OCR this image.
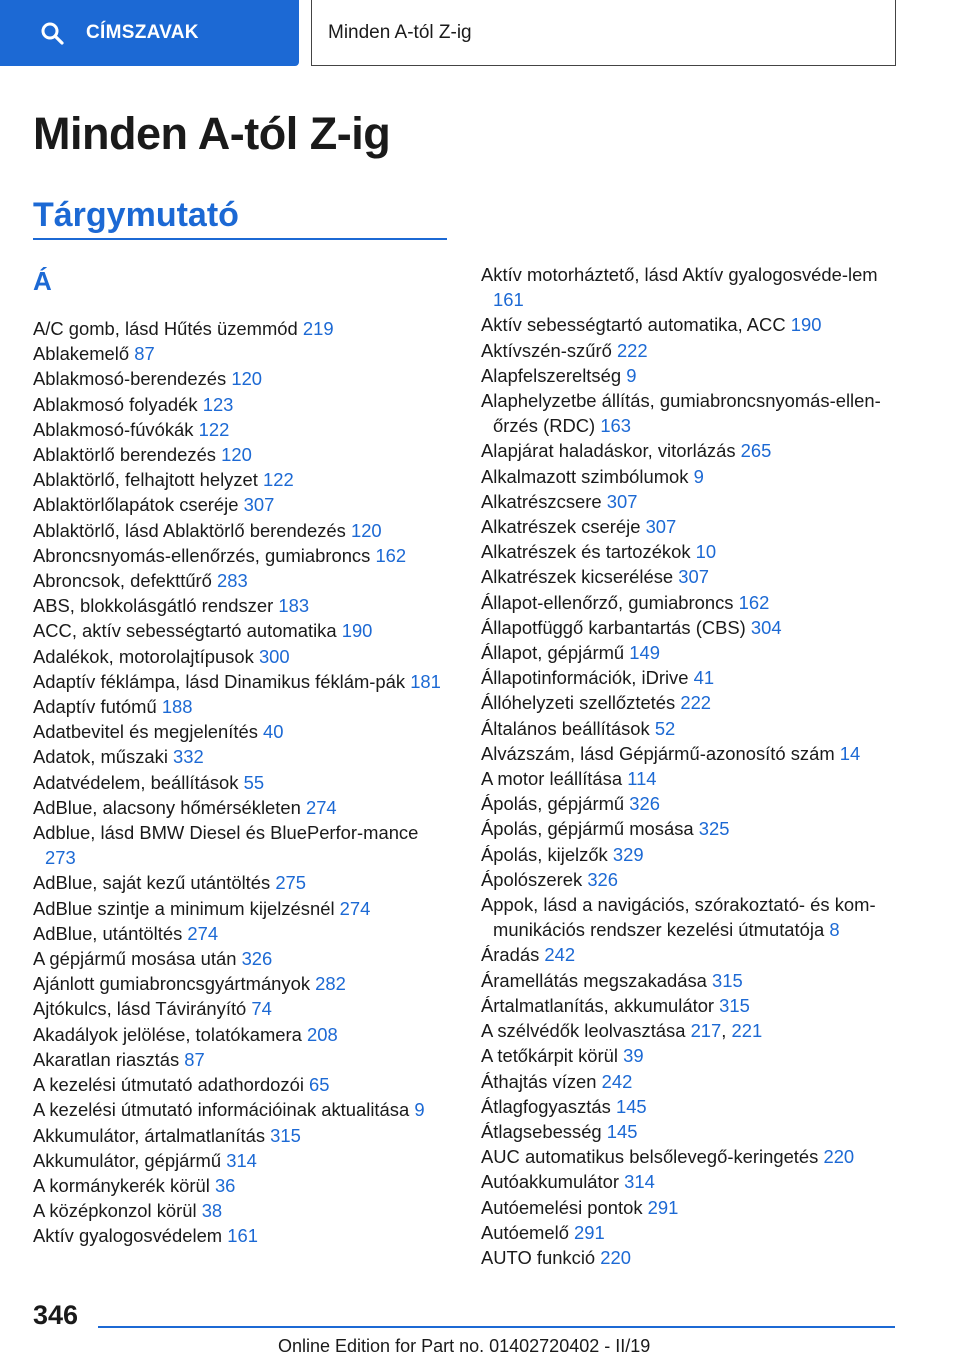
CÍMSZAVAK	Minden A-tól Z-ig
Minden A-tól Z-ig
Tárgymutató
Á
A/C gomb, lásd Hűtés üzemmód 219
Ablakemelő 87
Ablakmosó-berendezés 120
Ablakmosó folyadék 123
Ablakmosó-fúvókák 122
Ablaktörlő berendezés 120
Ablaktörlő, felhajtott helyzet 122
Ablaktörlőlapátok cseréje 307
Ablaktörlő, lásd Ablaktörlő berendezés 120
Abroncsnyomás-ellenőrzés, gumiabroncs 162
Abroncsok, defekttűrő 283
ABS, blokkolásgátló rendszer 183
ACC, aktív sebességtartó automatika 190
Adalékok, motorolajtípusok 300
Adaptív féklámpa, lásd Dinamikus féklám‐pák 181
Adaptív futómű 188
Adatbevitel és megjelenítés 40
Adatok, műszaki 332
Adatvédelem, beállítások 55
AdBlue, alacsony hőmérsékleten 274
Adblue, lásd BMW Diesel és BluePerfor‐mance 273
AdBlue, saját kezű utántöltés 275
AdBlue szintje a minimum kijelzésnél 274
AdBlue, utántöltés 274
A gépjármű mosása után 326
Ajánlott gumiabroncsgyártmányok 282
Ajtókulcs, lásd Távirányító 74
Akadályok jelölése, tolatókamera 208
Akaratlan riasztás 87
A kezelési útmutató adathordozói 65
A kezelési útmutató információinak aktualitása 9
Akkumulátor, ártalmatlanítás 315
Akkumulátor, gépjármű 314
A kormánykerék körül 36
A középkonzol körül 38
Aktív gyalogosvédelem 161
Aktív motorháztető, lásd Aktív gyalogosvéde‐lem 161
Aktív sebességtartó automatika, ACC 190
Aktívszén-szűrő 222
Alapfelszereltség 9
Alaphelyzetbe állítás, gumiabroncsnyomás-ellen‐őrzés (RDC) 163
Alapjárat haladáskor, vitorlázás 265
Alkalmazott szimbólumok 9
Alkatrészcsere 307
Alkatrészek cseréje 307
Alkatrészek és tartozékok 10
Alkatrészek kicserélése 307
Állapot-ellenőrző, gumiabroncs 162
Állapotfüggő karbantartás (CBS) 304
Állapot, gépjármű 149
Állapotinformációk, iDrive 41
Állóhelyzeti szellőztetés 222
Általános beállítások 52
Alvázszám, lásd Gépjármű-azonosító szám 14
A motor leállítása 114
Ápolás, gépjármű 326
Ápolás, gépjármű mosása 325
Ápolás, kijelzők 329
Ápolószerek 326
Appok, lásd a navigációs, szórakoztató- és kom‐munikációs rendszer kezelési útmutatója 8
Áradás 242
Áramellátás megszakadása 315
Ártalmatlanítás, akkumulátor 315
A szélvédők leolvasztása 217, 221
A tetőkárpit körül 39
Áthajtás vízen 242
Átlagfogyasztás 145
Átlagsebesség 145
AUC automatikus belsőlevegő-keringetés 220
Autóakkumulátor 314
Autóemelési pontok 291
Autóemelő 291
AUTO funkció 220
346
Online Edition for Part no. 01402720402 - II/19
